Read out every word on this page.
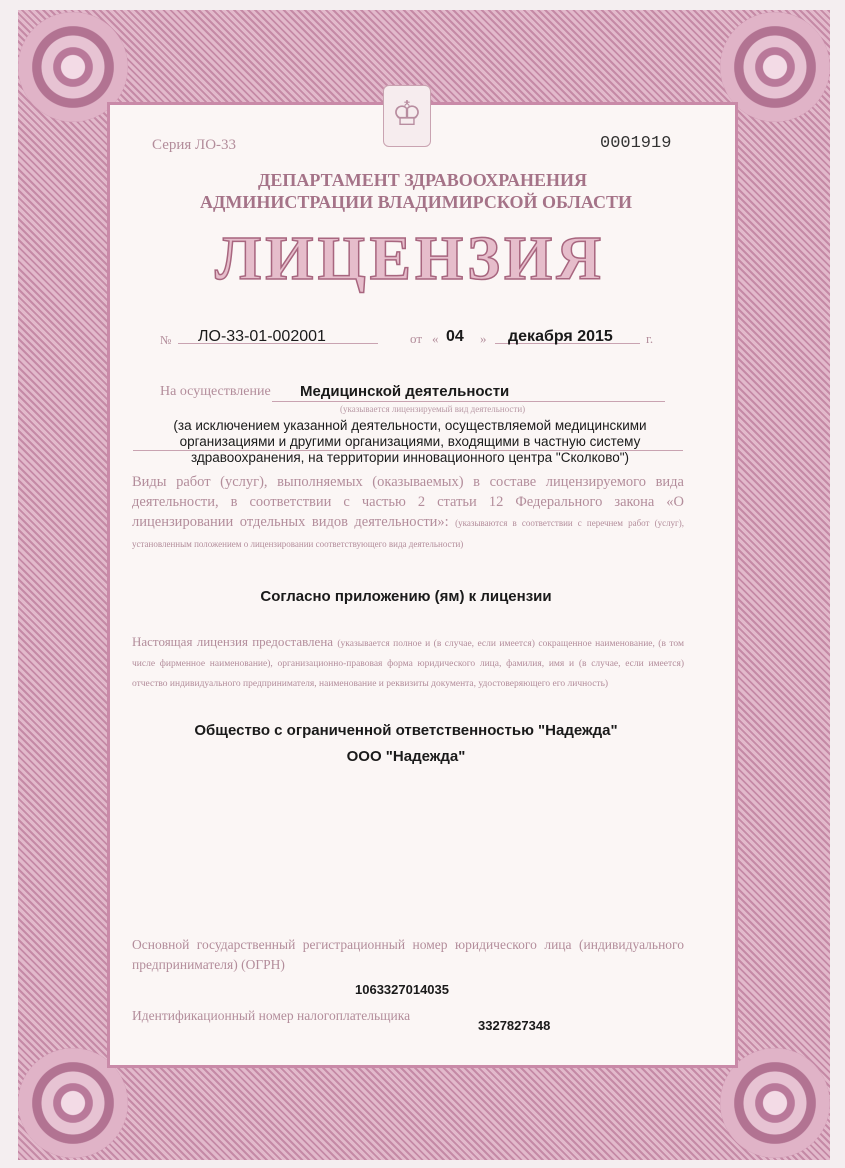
♔
Серия ЛО-33	0001919
ДЕПАРТАМЕНТ ЗДРАВООХРАНЕНИЯ
АДМИНИСТРАЦИИ ВЛАДИМИРСКОЙ ОБЛАСТИ
ЛИЦЕНЗИЯ
№ ЛО-33-01-002001	от « 04 » декабря 2015	г.
На осуществление Медицинской деятельности
(указывается лицензируемый вид деятельности)
(за исключением указанной деятельности, осуществляемой медицинскими организациями и другими организациями, входящими в частную систему здравоохранения, на территории инновационного центра "Сколково")
Виды работ (услуг), выполняемых (оказываемых) в составе лицензируемого вида деятельности, в соответствии с частью 2 статьи 12 Федерального закона «О лицензировании отдельных видов деятельности»: (указываются в соответствии с перечнем работ (услуг), установленным положением о лицензировании соответствующего вида деятельности)
Согласно приложению (ям) к лицензии
Настоящая лицензия предоставлена (указывается полное и (в случае, если имеется) сокращенное наименование, (в том числе фирменное наименование), организационно-правовая форма юридического лица, фамилия, имя и (в случае, если имеется) отчество индивидуального предпринимателя, наименование и реквизиты документа, удостоверяющего его личность)
Общество с ограниченной ответственностью "Надежда"
ООО "Надежда"
Основной государственный регистрационный номер юридического лица (индивидуального предпринимателя) (ОГРН)
1063327014035
Идентификационный номер налогоплательщика
3327827348
